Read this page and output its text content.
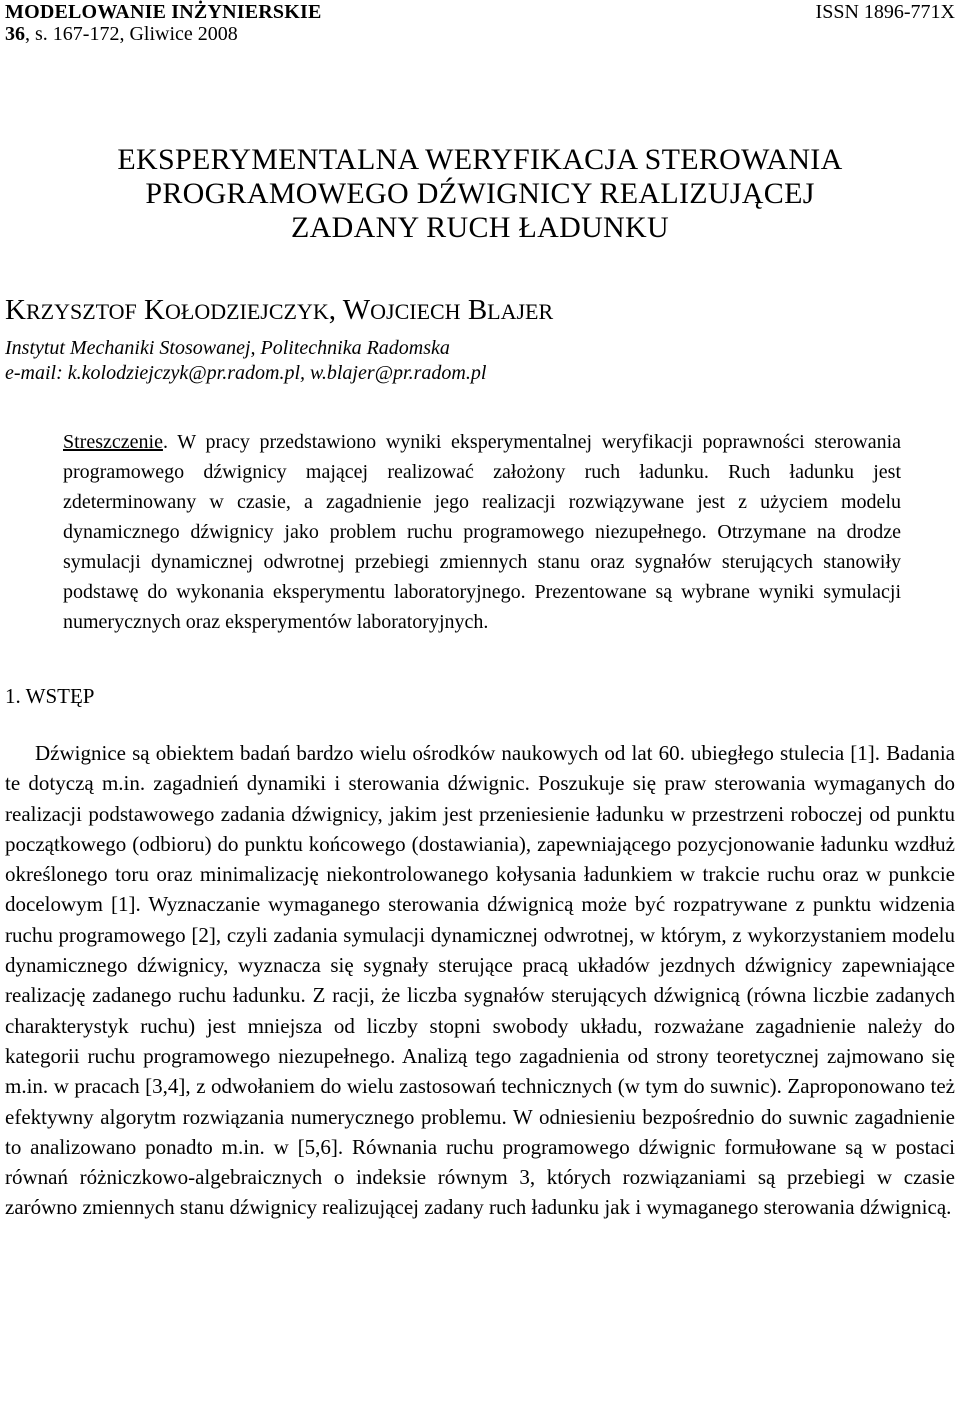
MODELOWANIE INŻYNIERSKIE
36, s. 167-172, Gliwice 2008
ISSN 1896-771X
EKSPERYMENTALNA WERYFIKACJA STEROWANIA
PROGRAMOWEGO DŹWIGNICY REALIZUJĄCEJ
ZADANY RUCH ŁADUNKU
KRZYSZTOF KOŁODZIEJCZYK, WOJCIECH BLAJER
Instytut Mechaniki Stosowanej, Politechnika Radomska
e-mail: k.kolodziejczyk@pr.radom.pl, w.blajer@pr.radom.pl
Streszczenie. W pracy przedstawiono wyniki eksperymentalnej weryfikacji poprawności sterowania programowego dźwignicy mającej realizować założony ruch ładunku. Ruch ładunku jest zdeterminowany w czasie, a zagadnienie jego realizacji rozwiązywane jest z użyciem modelu dynamicznego dźwignicy jako problem ruchu programowego niezupełnego. Otrzymane na drodze symulacji dynamicznej odwrotnej przebiegi zmiennych stanu oraz sygnałów sterujących stanowiły podstawę do wykonania eksperymentu laboratoryjnego. Prezentowane są wybrane wyniki symulacji numerycznych oraz eksperymentów laboratoryjnych.
1. WSTĘP
Dźwignice są obiektem badań bardzo wielu ośrodków naukowych od lat 60. ubiegłego stulecia [1]. Badania te dotyczą m.in. zagadnień dynamiki i sterowania dźwignic. Poszukuje się praw sterowania wymaganych do realizacji podstawowego zadania dźwignicy, jakim jest przeniesienie ładunku w przestrzeni roboczej od punktu początkowego (odbioru) do punktu końcowego (dostawiania), zapewniającego pozycjonowanie ładunku wzdłuż określonego toru oraz minimalizację niekontrolowanego kołysania ładunkiem w trakcie ruchu oraz w punkcie docelowym [1]. Wyznaczanie wymaganego sterowania dźwignicą może być rozpatrywane z punktu widzenia ruchu programowego [2], czyli zadania symulacji dynamicznej odwrotnej, w którym, z wykorzystaniem modelu dynamicznego dźwignicy, wyznacza się sygnały sterujące pracą układów jezdnych dźwignicy zapewniające realizację zadanego ruchu ładunku. Z racji, że liczba sygnałów sterujących dźwignicą (równa liczbie zadanych charakterystyk ruchu) jest mniejsza od liczby stopni swobody układu, rozważane zagadnienie należy do kategorii ruchu programowego niezupełnego. Analizą tego zagadnienia od strony teoretycznej zajmowano się m.in. w pracach [3,4], z odwołaniem do wielu zastosowań technicznych (w tym do suwnic). Zaproponowano też efektywny algorytm rozwiązania numerycznego problemu. W odniesieniu bezpośrednio do suwnic zagadnienie to analizowano ponadto m.in. w [5,6]. Równania ruchu programowego dźwignic formułowane są w postaci równań różniczkowo-algebraicznych o indeksie równym 3, których rozwiązaniami są przebiegi w czasie zarówno zmiennych stanu dźwignicy realizującej zadany ruch ładunku jak i wymaganego sterowania dźwignicą.
